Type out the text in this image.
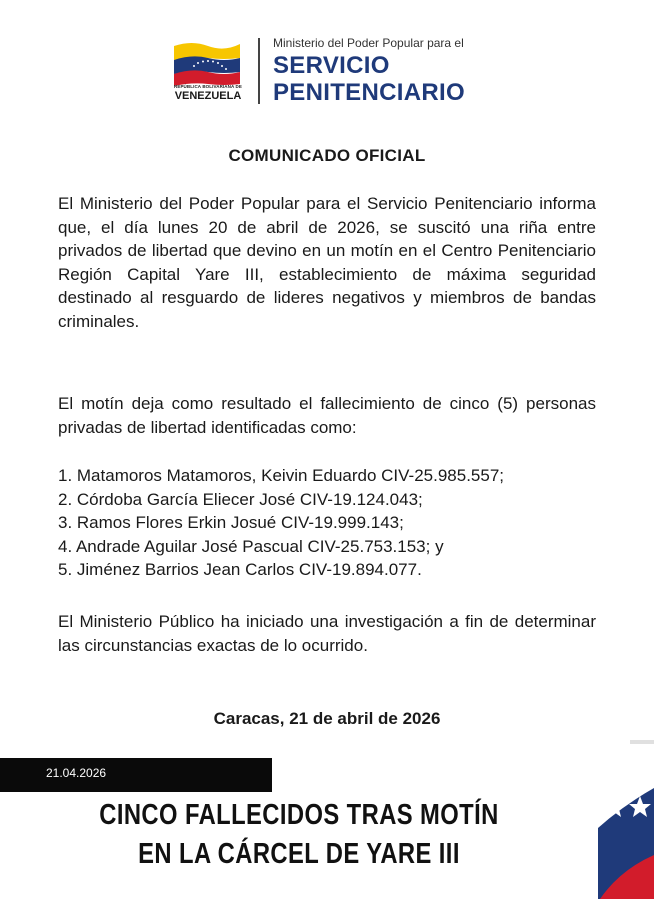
REPÚBLICA BOLIVARIANA DE
VENEZUELA
Ministerio del Poder Popular para el
SERVICIO
PENITENCIARIO
COMUNICADO OFICIAL

El Ministerio del Poder Popular para el Servicio Penitenciario informa que, el día lunes 20 de abril de 2026, se suscitó una riña entre privados de libertad que devino en un motín en el Centro Penitenciario Región Capital Yare III, establecimiento de máxima seguridad destinado al resguardo de lideres negativos y miembros de bandas criminales.

El motín deja como resultado el fallecimiento de cinco (5) personas privadas de libertad identificadas como:

1. Matamoros Matamoros, Keivin Eduardo CIV-25.985.557;
2. Córdoba García Eliecer José CIV-19.124.043;
3. Ramos Flores Erkin Josué CIV-19.999.143;
4. Andrade Aguilar José Pascual CIV-25.753.153; y
5. Jiménez Barrios Jean Carlos CIV-19.894.077.

El Ministerio Público ha iniciado una investigación a fin de determinar las circunstancias exactas de lo ocurrido.

Caracas, 21 de abril de 2026
21.04.2026
CINCO FALLECIDOS TRAS MOTÍN
EN LA CÁRCEL DE YARE III
